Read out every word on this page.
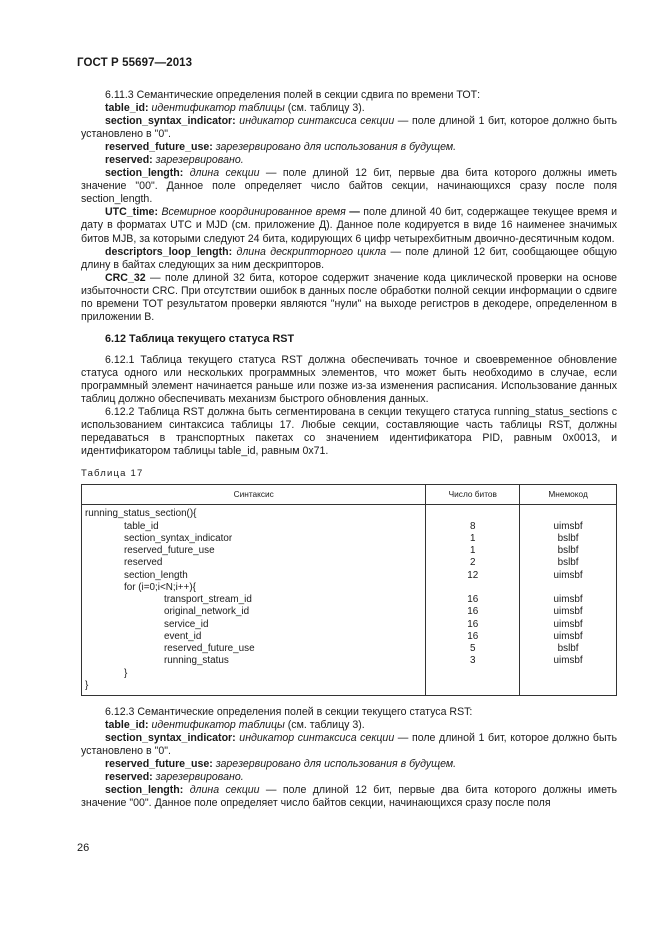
ГОСТ Р 55697—2013

6.11.3 Семантические определения полей в секции сдвига по времени ТОТ:

table_id: идентификатор таблицы (см. таблицу 3).

section_syntax_indicator: индикатор синтаксиса секции — поле длиной 1 бит, которое должно быть установлено в "0".

reserved_future_use: зарезервировано для использования в будущем.

reserved: зарезервировано.

section_length: длина секции — поле длиной 12 бит, первые два бита которого должны иметь значение "00". Данное поле определяет число байтов секции, начинающихся сразу после поля section_length.

UTC_time: Всемирное координированное время — поле длиной 40 бит, содержащее текущее время и дату в форматах UTC и MJD (см. приложение Д). Данное поле кодируется в виде 16 наименее значимых битов MJB, за которыми следуют 24 бита, кодирующих 6 цифр четырехбитным двоично-десятичным кодом.

descriptors_loop_length: длина дескрипторного цикла — поле длиной 12 бит, сообщающее общую длину в байтах следующих за ним дескрипторов.

CRC_32 — поле длиной 32 бита, которое содержит значение кода циклической проверки на основе избыточности CRC. При отсутствии ошибок в данных после обработки полной секции информации о сдвиге по времени ТОТ результатом проверки являются "нули" на выходе регистров в декодере, определенном в приложении В.

6.12 Таблица текущего статуса RST

6.12.1 Таблица текущего статуса RST должна обеспечивать точное и своевременное обновление статуса одного или нескольких программных элементов, что может быть необходимо в случае, если программный элемент начинается раньше или позже из-за изменения расписания. Использование данных таблиц должно обеспечивать механизм быстрого обновления данных.

6.12.2 Таблица RST должна быть сегментирована в секции текущего статуса running_status_sections с использованием синтаксиса таблицы 17. Любые секции, составляющие часть таблицы RST, должны передаваться в транспортных пакетах со значением идентификатора PID, равным 0x0013, и идентификатором таблицы table_id, равным 0x71.

Таблица 17
Синтаксис	Число битов	Мнемокод
running_status_section(){		
table_id	8	uimsbf
section_syntax_indicator	1	bslbf
reserved_future_use	1	bslbf
reserved	2	bslbf
section_length	12	uimsbf
for (i=0;i<N;i++){		
transport_stream_id	16	uimsbf
original_network_id	16	uimsbf
service_id	16	uimsbf
event_id	16	uimsbf
reserved_future_use	5	bslbf
running_status	3	uimsbf
}		
}		

6.12.3 Семантические определения полей в секции текущего статуса RST:

table_id: идентификатор таблицы (см. таблицу 3).

section_syntax_indicator: индикатор синтаксиса секции — поле длиной 1 бит, которое должно быть установлено в "0".

reserved_future_use: зарезервировано для использования в будущем.

reserved: зарезервировано.

section_length: длина секции — поле длиной 12 бит, первые два бита которого должны иметь значение "00". Данное поле определяет число байтов секции, начинающихся сразу после поля

26
